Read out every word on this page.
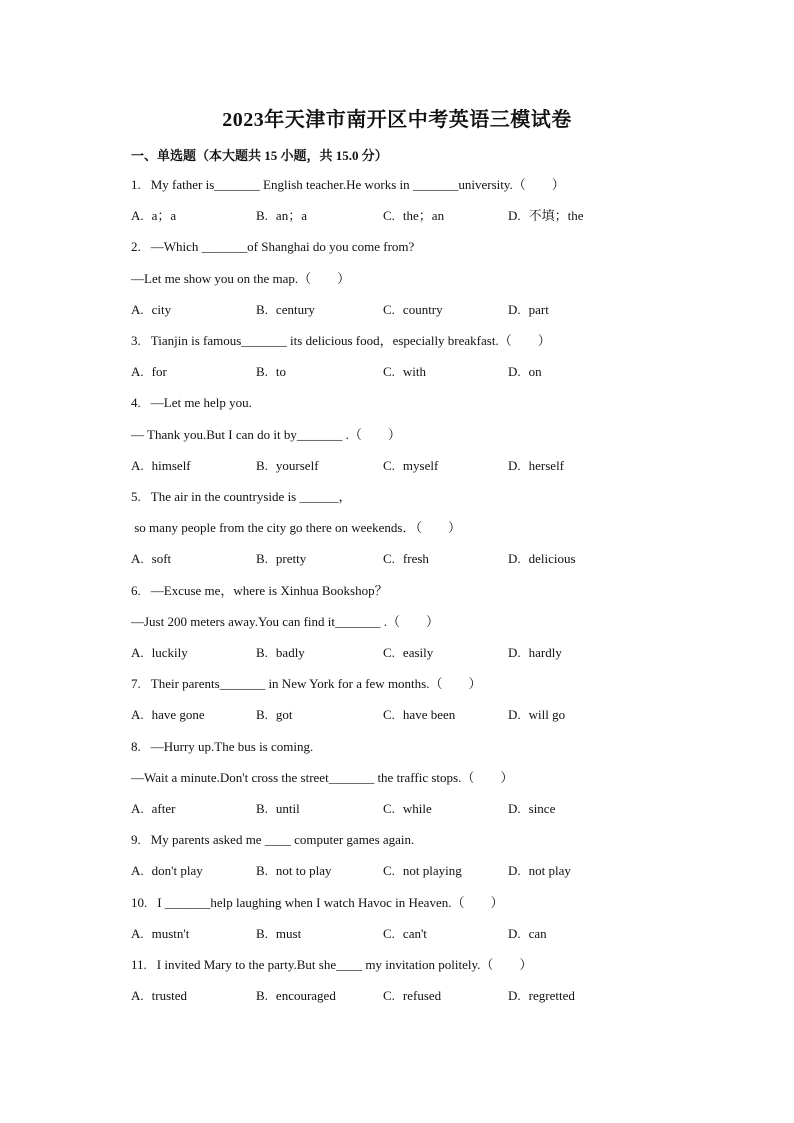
2023年天津市南开区中考英语三模试卷
一、单选题（本大题共 15 小题，共 15.0 分）
1. My father is_______ English teacher.He works in _______university.（　　）
A. a；a	B. an；a	C. the；an	D. 不填；the
2. —Which _______of Shanghai do you come from?
—Let me show you on the map.（　　）
A. city	B. century	C. country	D. part
3. Tianjin is famous_______ its delicious food，especially breakfast.（　　）
A. for	B. to	C. with	D. on
4. —Let me help you.
— Thank you.But I can do it by_______ .（　　）
A. himself	B. yourself	C. myself	D. herself
5. The air in the countryside is ______，
so many people from the city go there on weekends．（　　）
A. soft	B. pretty	C. fresh	D. delicious
6. —Excuse me，where is Xinhua Bookshop？
—Just 200 meters away.You can find it_______ .（　　）
A. luckily	B. badly	C. easily	D. hardly
7. Their parents_______ in New York for a few months.（　　）
A. have gone	B. got	C. have been	D. will go
8. —Hurry up.The bus is coming.
—Wait a minute.Don't cross the street_______ the traffic stops.（　　）
A. after	B. until	C. while	D. since
9. My parents asked me ____ computer games again.
A. don't play	B. not to play	C. not playing	D. not play
10. I _______help laughing when I watch Havoc in Heaven.（　　）
A. mustn't	B. must	C. can't	D. can
11. I invited Mary to the party.But she____ my invitation politely.（　　）
A. trusted	B. encouraged	C. refused	D. regretted
